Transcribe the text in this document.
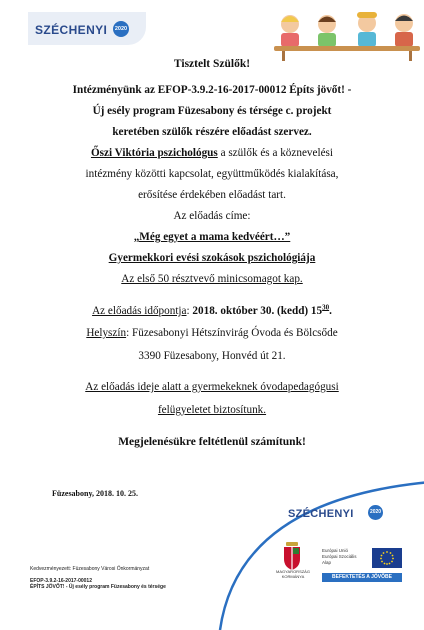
SZÉCHENYI	2020
Tisztelt Szülők!
Intézményünk az EFOP-3.9.2-16-2017-00012 Építs jövőt! -
Új esély program Füzesabony és térsége c. projekt
keretében szülők részére előadást szervez.
Őszi Viktória pszichológus a szülők és a köznevelési
intézmény közötti kapcsolat, együttműködés kialakítása,
erősítése érdekében előadást tart.
Az előadás címe:
„Még egyet a mama kedvéért…”
Gyermekkori evési szokások pszichológiája
Az első 50 résztvevő minicsomagot kap.
Az előadás időpontja: 2018. október 30. (kedd) $15^{30}$.
Helyszín: Füzesabonyi Hétszínvirág Óvoda és Bölcsőde
3390 Füzesabony, Honvéd út 21.
Az előadás ideje alatt a gyermekeknek óvodapedagógusi
felügyeletet biztosítunk.
Megjelenésükre feltétlenül számítunk!
Füzesabony, 2018. 10. 25.
SZÉCHENYI	2020
Kedvezményezett: Füzesabony Városi Önkormányzat
EFOP-3.9.2-16-2017-00012
ÉPÍTS JÖVŐT! - Új esély program Füzesabony és térsége
MAGYARORSZÁG
KORMÁNYA
Európai Unió
Európai Szociális
Alap
BEFEKTETÉS A JÖVŐBE
